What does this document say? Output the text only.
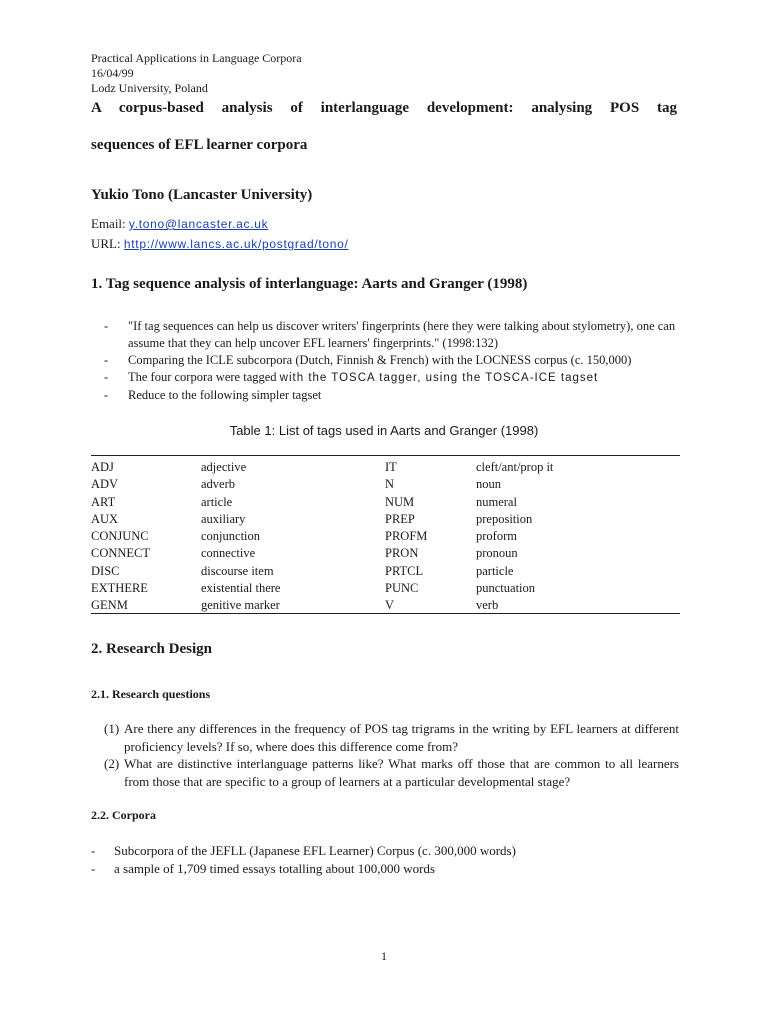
Practical Applications in Language Corpora
16/04/99
Lodz University, Poland
A corpus-based analysis of interlanguage development: analysing POS tag
sequences of EFL learner corpora
Yukio Tono (Lancaster University)
Email: y.tono@lancaster.ac.uk
URL: http://www.lancs.ac.uk/postgrad/tono/
1. Tag sequence analysis of interlanguage: Aarts and Granger (1998)
- "If tag sequences can help us discover writers' fingerprints (here they were talking about stylometry), one can assume that they can help uncover EFL learners' fingerprints." (1998:132)
- Comparing the ICLE subcorpora (Dutch, Finnish & French) with the LOCNESS corpus (c. 150,000)
- The four corpora were tagged with the TOSCA tagger, using the TOSCA-ICE tagset
- Reduce to the following simpler tagset
Table 1: List of tags used in Aarts and Granger (1998)
ADJ	adjective	IT	cleft/ant/prop it
ADV	adverb	N	noun
ART	article	NUM	numeral
AUX	auxiliary	PREP	preposition
CONJUNC	conjunction	PROFM	proform
CONNECT	connective	PRON	pronoun
DISC	discourse item	PRTCL	particle
EXTHERE	existential there	PUNC	punctuation
GENM	genitive marker	V	verb
2. Research Design
2.1. Research questions
(1) Are there any differences in the frequency of POS tag trigrams in the writing by EFL learners at different proficiency levels? If so, where does this difference come from?
(2) What are distinctive interlanguage patterns like? What marks off those that are common to all learners from those that are specific to a group of learners at a particular developmental stage?
2.2. Corpora
- Subcorpora of the JEFLL (Japanese EFL Learner) Corpus (c. 300,000 words)
- a sample of 1,709 timed essays totalling about 100,000 words
1
